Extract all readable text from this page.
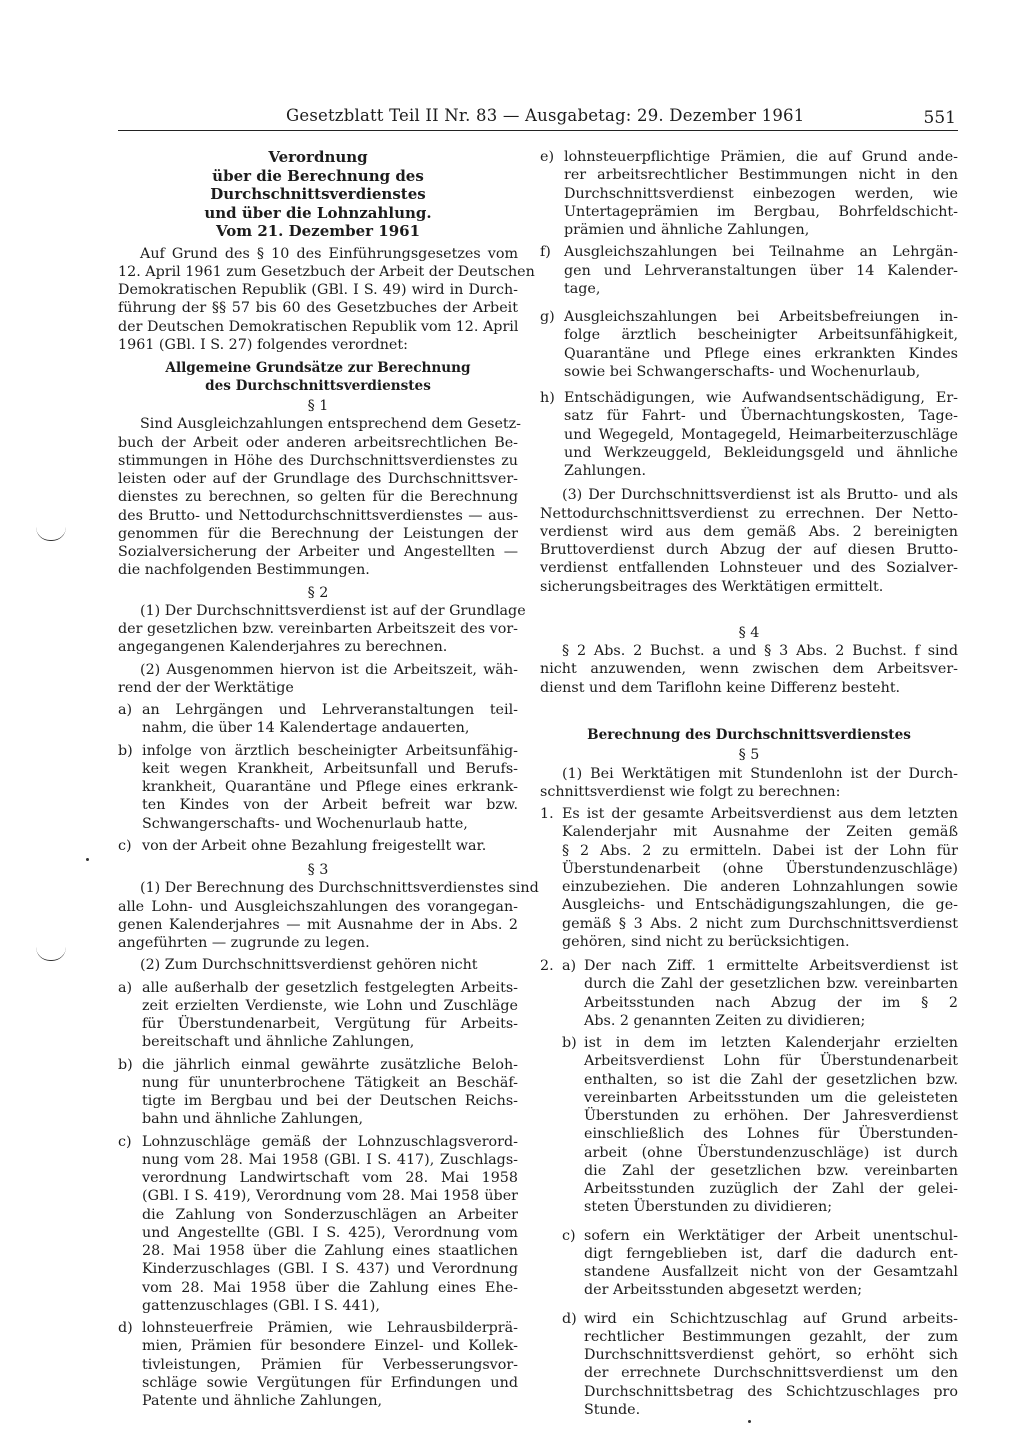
Gesetzblatt Teil II Nr. 83 — Ausgabetag: 29. Dezember 1961	551
Verordnung
über die Berechnung des Durchschnittsverdienstes
und über die Lohnzahlung.
Vom 21. Dezember 1961
Auf Grund des § 10 des Einführungsgesetzes vom
12. April 1961 zum Gesetzbuch der Arbeit der Deutschen
Demokratischen Republik (GBl. I S. 49) wird in Durch-
führung der §§ 57 bis 60 des Gesetzbuches der Arbeit
der Deutschen Demokratischen Republik vom 12. April
1961 (GBl. I S. 27) folgendes verordnet:
Allgemeine Grundsätze zur Berechnung
des Durchschnittsverdienstes
§ 1
Sind Ausgleichzahlungen entsprechend dem Gesetz-
buch der Arbeit oder anderen arbeitsrechtlichen Be-
stimmungen in Höhe des Durchschnittsverdienstes zu
leisten oder auf der Grundlage des Durchschnittsver-
dienstes zu berechnen, so gelten für die Berechnung
des Brutto- und Nettodurchschnittsverdienstes — aus-
genommen für die Berechnung der Leistungen der
Sozialversicherung der Arbeiter und Angestellten —
die nachfolgenden Bestimmungen.
§ 2
(1) Der Durchschnittsverdienst ist auf der Grundlage
der gesetzlichen bzw. vereinbarten Arbeitszeit des vor-
angegangenen Kalenderjahres zu berechnen.
(2) Ausgenommen hiervon ist die Arbeitszeit, wäh-
rend der der Werktätige
a) an Lehrgängen und Lehrveranstaltungen teil-
nahm, die über 14 Kalendertage andauerten,
b) infolge von ärztlich bescheinigter Arbeitsunfähig-
keit wegen Krankheit, Arbeitsunfall und Berufs-
krankheit, Quarantäne und Pflege eines erkrank-
ten Kindes von der Arbeit befreit war bzw.
Schwangerschafts- und Wochenurlaub hatte,
c) von der Arbeit ohne Bezahlung freigestellt war.
§ 3
(1) Der Berechnung des Durchschnittsverdienstes sind
alle Lohn- und Ausgleichszahlungen des vorangegan-
genen Kalenderjahres — mit Ausnahme der in Abs. 2
angeführten — zugrunde zu legen.
(2) Zum Durchschnittsverdienst gehören nicht
a) alle außerhalb der gesetzlich festgelegten Arbeits-
zeit erzielten Verdienste, wie Lohn und Zuschläge
für Überstundenarbeit, Vergütung für Arbeits-
bereitschaft und ähnliche Zahlungen,
b) die jährlich einmal gewährte zusätzliche Beloh-
nung für ununterbrochene Tätigkeit an Beschäf-
tigte im Bergbau und bei der Deutschen Reichs-
bahn und ähnliche Zahlungen,
c) Lohnzuschläge gemäß der Lohnzuschlagsverord-
nung vom 28. Mai 1958 (GBl. I S. 417), Zuschlags-
verordnung Landwirtschaft vom 28. Mai 1958
(GBl. I S. 419), Verordnung vom 28. Mai 1958 über
die Zahlung von Sonderzuschlägen an Arbeiter
und Angestellte (GBl. I S. 425), Verordnung vom
28. Mai 1958 über die Zahlung eines staatlichen
Kinderzuschlages (GBl. I S. 437) und Verordnung
vom 28. Mai 1958 über die Zahlung eines Ehe-
gattenzuschlages (GBl. I S. 441),
d) lohnsteuerfreie Prämien, wie Lehrausbilderprä-
mien, Prämien für besondere Einzel- und Kollek-
tivleistungen, Prämien für Verbesserungsvor-
schläge sowie Vergütungen für Erfindungen und
Patente und ähnliche Zahlungen,
e) lohnsteuerpflichtige Prämien, die auf Grund ande-
rer arbeitsrechtlicher Bestimmungen nicht in den
Durchschnittsverdienst einbezogen werden, wie
Untertageprämien im Bergbau, Bohrfeldschicht-
prämien und ähnliche Zahlungen,
f) Ausgleichszahlungen bei Teilnahme an Lehrgän-
gen und Lehrveranstaltungen über 14 Kalender-
tage,
g) Ausgleichszahlungen bei Arbeitsbefreiungen in-
folge ärztlich bescheinigter Arbeitsunfähigkeit,
Quarantäne und Pflege eines erkrankten Kindes
sowie bei Schwangerschafts- und Wochenurlaub,
h) Entschädigungen, wie Aufwandsentschädigung, Er-
satz für Fahrt- und Übernachtungskosten, Tage-
und Wegegeld, Montagegeld, Heimarbeiterzuschläge
und Werkzeuggeld, Bekleidungsgeld und ähnliche
Zahlungen.
(3) Der Durchschnittsverdienst ist als Brutto- und als
Nettodurchschnittsverdienst zu errechnen. Der Netto-
verdienst wird aus dem gemäß Abs. 2 bereinigten
Bruttoverdienst durch Abzug der auf diesen Brutto-
verdienst entfallenden Lohnsteuer und des Sozialver-
sicherungsbeitrages des Werktätigen ermittelt.
§ 4
§ 2 Abs. 2 Buchst. a und § 3 Abs. 2 Buchst. f sind
nicht anzuwenden, wenn zwischen dem Arbeitsver-
dienst und dem Tariflohn keine Differenz besteht.
Berechnung des Durchschnittsverdienstes
§ 5
(1) Bei Werktätigen mit Stundenlohn ist der Durch-
schnittsverdienst wie folgt zu berechnen:
1. Es ist der gesamte Arbeitsverdienst aus dem letzten
Kalenderjahr mit Ausnahme der Zeiten gemäß
§ 2 Abs. 2 zu ermitteln. Dabei ist der Lohn für
Überstundenarbeit (ohne Überstundenzuschläge)
einzubeziehen. Die anderen Lohnzahlungen sowie
Ausgleichs- und Entschädigungszahlungen, die ge-
gemäß § 3 Abs. 2 nicht zum Durchschnittsverdienst
gehören, sind nicht zu berücksichtigen.
2. a) Der nach Ziff. 1 ermittelte Arbeitsverdienst ist
durch die Zahl der gesetzlichen bzw. vereinbarten
Arbeitsstunden nach Abzug der im § 2
Abs. 2 genannten Zeiten zu dividieren;
b) ist in dem im letzten Kalenderjahr erzielten
Arbeitsverdienst Lohn für Überstundenarbeit
enthalten, so ist die Zahl der gesetzlichen bzw.
vereinbarten Arbeitsstunden um die geleisteten
Überstunden zu erhöhen. Der Jahresverdienst
einschließlich des Lohnes für Überstunden-
arbeit (ohne Überstundenzuschläge) ist durch
die Zahl der gesetzlichen bzw. vereinbarten
Arbeitsstunden zuzüglich der Zahl der gelei-
steten Überstunden zu dividieren;
c) sofern ein Werktätiger der Arbeit unentschul-
digt ferngeblieben ist, darf die dadurch ent-
standene Ausfallzeit nicht von der Gesamtzahl
der Arbeitsstunden abgesetzt werden;
d) wird ein Schichtzuschlag auf Grund arbeits-
rechtlicher Bestimmungen gezahlt, der zum
Durchschnittsverdienst gehört, so erhöht sich
der errechnete Durchschnittsverdienst um den
Durchschnittsbetrag des Schichtzuschlages pro
Stunde.
